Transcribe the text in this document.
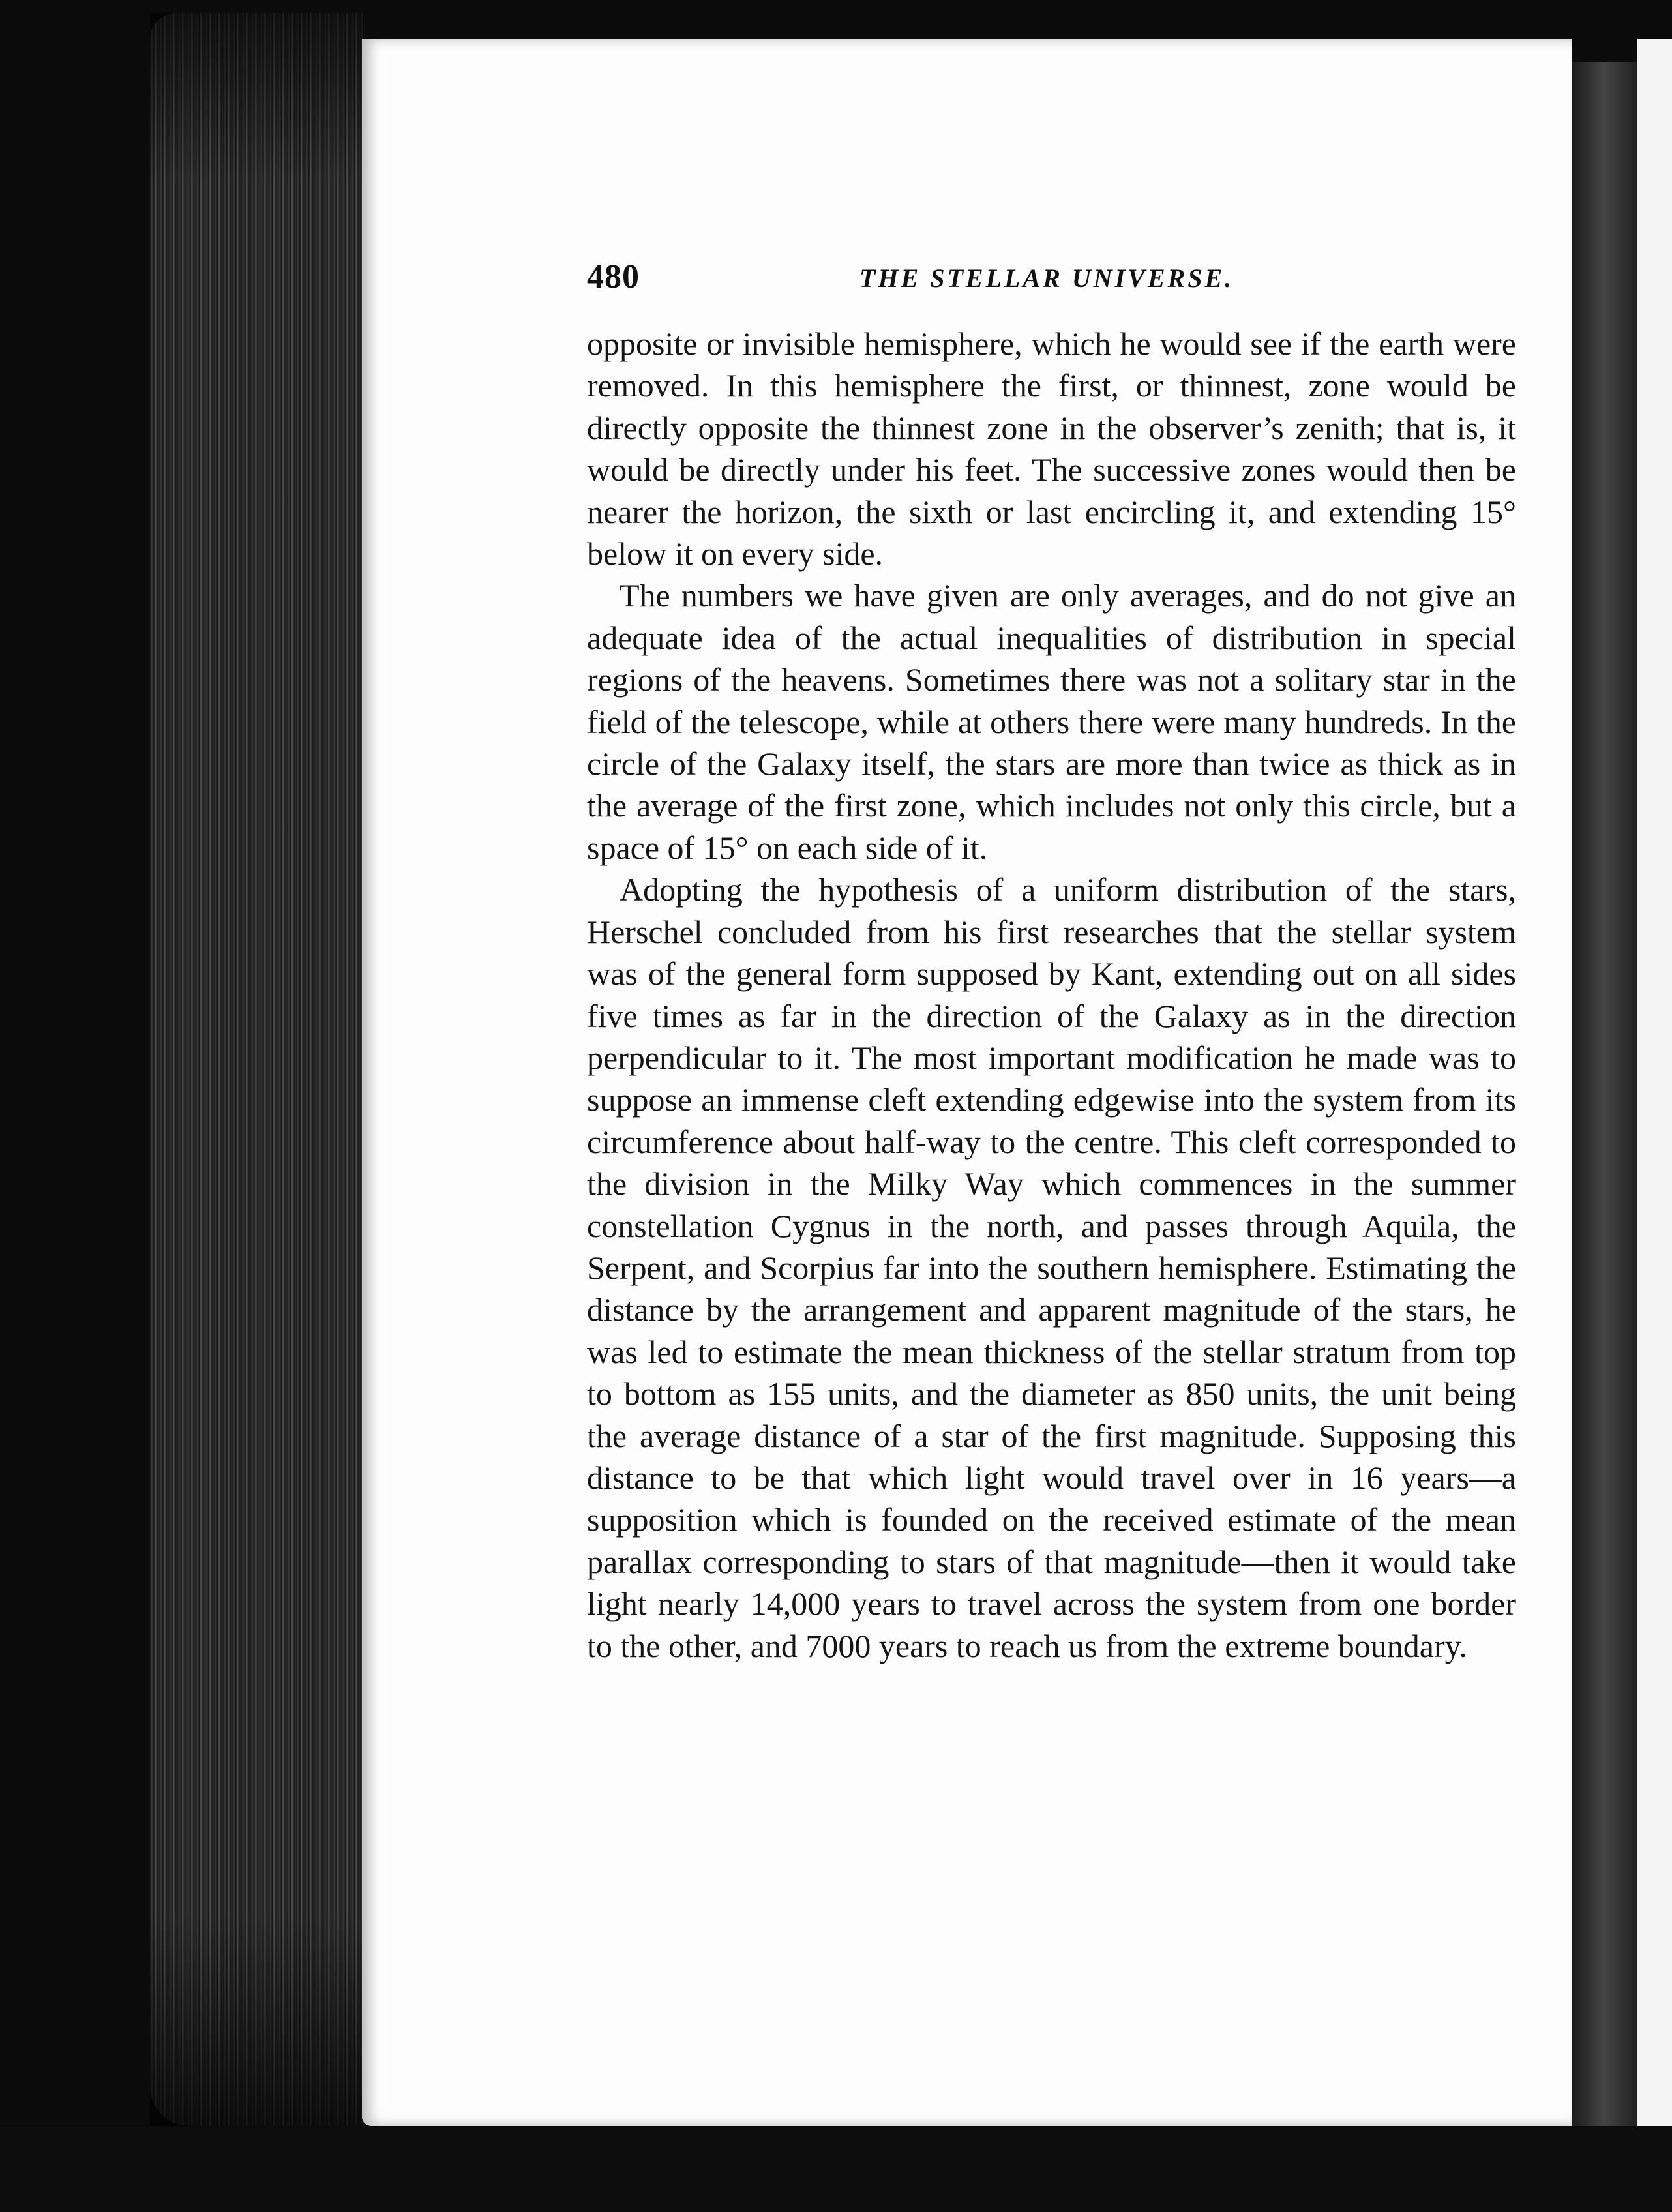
480	THE STELLAR UNIVERSE.

opposite or invisible hemisphere, which he would see if the earth were removed. In this hemisphere the first, or thinnest, zone would be directly opposite the thinnest zone in the observer’s zenith; that is, it would be directly under his feet. The successive zones would then be nearer the horizon, the sixth or last encircling it, and extending 15° below it on every side.

The numbers we have given are only averages, and do not give an adequate idea of the actual inequalities of distribution in special regions of the heavens. Sometimes there was not a solitary star in the field of the telescope, while at others there were many hundreds. In the circle of the Galaxy itself, the stars are more than twice as thick as in the average of the first zone, which includes not only this circle, but a space of 15° on each side of it.

Adopting the hypothesis of a uniform distribution of the stars, Herschel concluded from his first researches that the stellar system was of the general form supposed by Kant, extending out on all sides five times as far in the direction of the Galaxy as in the direction perpendicular to it. The most important modification he made was to suppose an immense cleft extending edgewise into the system from its circumference about half-way to the centre. This cleft corresponded to the division in the Milky Way which commences in the summer constellation Cygnus in the north, and passes through Aquila, the Serpent, and Scorpius far into the southern hemisphere. Estimating the distance by the arrangement and apparent magnitude of the stars, he was led to estimate the mean thickness of the stellar stratum from top to bottom as 155 units, and the diameter as 850 units, the unit being the average distance of a star of the first magnitude. Supposing this distance to be that which light would travel over in 16 years—a supposition which is founded on the received estimate of the mean parallax corresponding to stars of that magnitude—then it would take light nearly 14,000 years to travel across the system from one border to the other, and 7000 years to reach us from the extreme boundary.
